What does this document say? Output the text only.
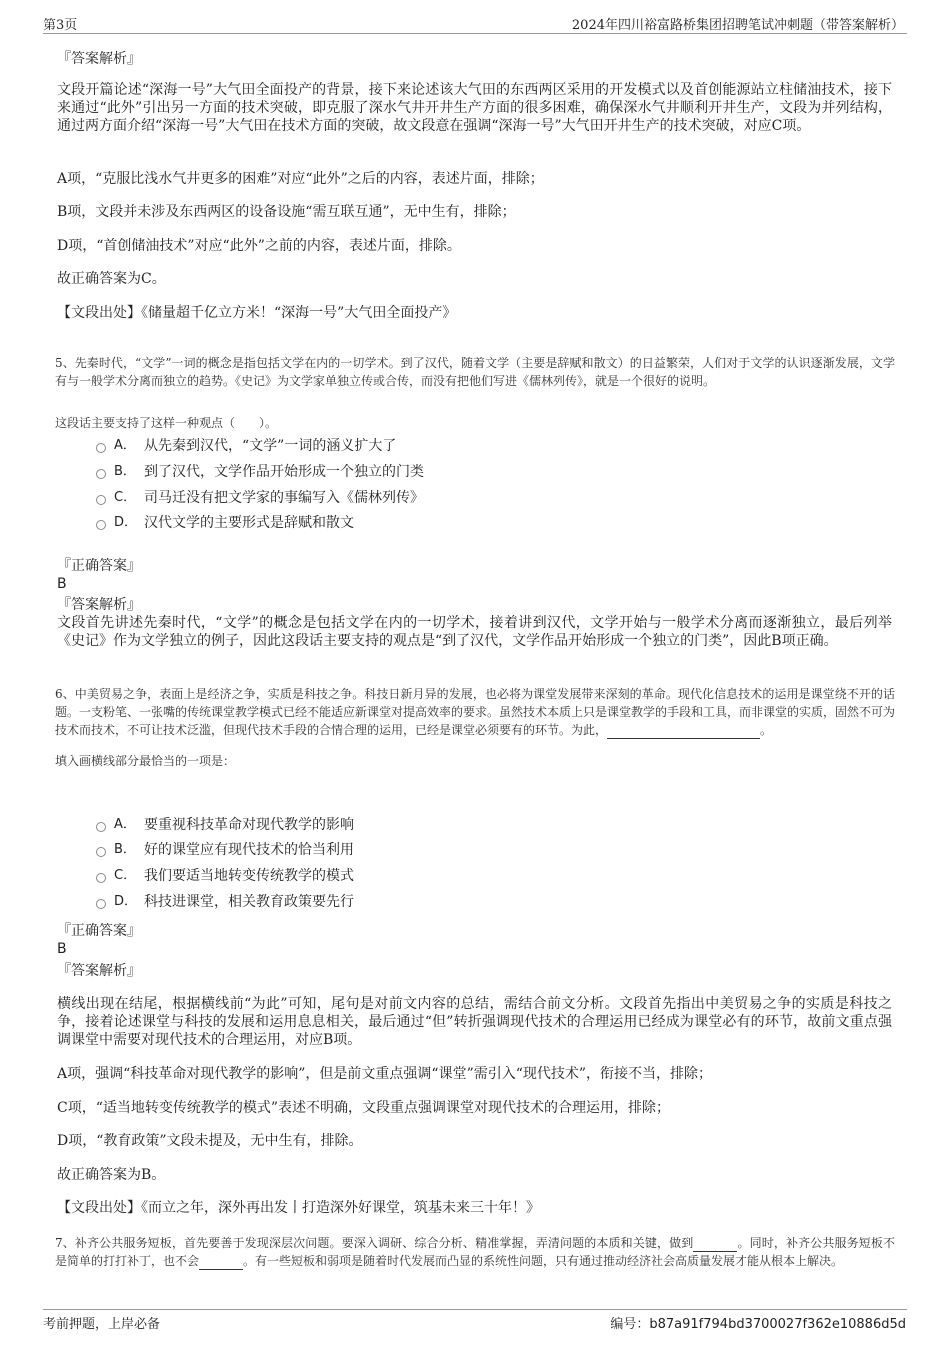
第3页	2024年四川裕富路桥集团招聘笔试冲刺题（带答案解析）
『答案解析』

文段开篇论述“深海一号”大气田全面投产的背景，接下来论述该大气田的东西两区采用的开发模式以及首创能源站立柱储油技术，接下来通过“此外”引出另一方面的技术突破，即克服了深水气井开井生产方面的很多困难，确保深水气井顺利开井生产，文段为并列结构，通过两方面介绍“深海一号”大气田在技术方面的突破，故文段意在强调“深海一号”大气田开井生产的技术突破，对应C项。

A项，“克服比浅水气井更多的困难”对应“此外”之后的内容，表述片面，排除；
B项，文段并未涉及东西两区的设备设施“需互联互通”，无中生有，排除；
D项，“首创储油技术”对应“此外”之前的内容，表述片面，排除。
故正确答案为C。
【文段出处】《储量超千亿立方米！“深海一号”大气田全面投产》

5、先秦时代，“文学”一词的概念是指包括文学在内的一切学术。到了汉代，随着文学（主要是辞赋和散文）的日益繁荣，人们对于文学的认识逐渐发展，文学有与一般学术分离而独立的趋势。《史记》为文学家单独立传或合传，而没有把他们写进《儒林列传》，就是一个很好的说明。

这段话主要支持了这样一种观点（　　）。
A． 从先秦到汉代，“文学”一词的涵义扩大了
B． 到了汉代，文学作品开始形成一个独立的门类
C． 司马迁没有把文学家的事编写入《儒林列传》
D． 汉代文学的主要形式是辞赋和散文
『正确答案』
B
『答案解析』

文段首先讲述先秦时代，“文学”的概念是包括文学在内的一切学术，接着讲到汉代，文学开始与一般学术分离而逐渐独立，最后列举《史记》作为文学独立的例子，因此这段话主要支持的观点是“到了汉代，文学作品开始形成一个独立的门类”，因此B项正确。

6、中美贸易之争，表面上是经济之争，实质是科技之争。科技日新月异的发展，也必将为课堂发展带来深刻的革命。现代化信息技术的运用是课堂绕不开的话题。一支粉笔、一张嘴的传统课堂教学模式已经不能适应新课堂对提高效率的要求。虽然技术本质上只是课堂教学的手段和工具，而非课堂的实质，固然不可为技术而技术，不可让技术泛滥，但现代技术手段的合情合理的运用，已经是课堂必须要有的环节。为此，	。

填入画横线部分最恰当的一项是：
A． 要重视科技革命对现代教学的影响
B． 好的课堂应有现代技术的恰当利用
C． 我们要适当地转变传统教学的模式
D． 科技进课堂，相关教育政策要先行
『正确答案』
B
『答案解析』

横线出现在结尾，根据横线前“为此”可知，尾句是对前文内容的总结，需结合前文分析。文段首先指出中美贸易之争的实质是科技之争，接着论述课堂与科技的发展和运用息息相关，最后通过“但”转折强调现代技术的合理运用已经成为课堂必有的环节，故前文重点强调课堂中需要对现代技术的合理运用，对应B项。

A项，强调“科技革命对现代教学的影响”，但是前文重点强调“课堂”需引入“现代技术”，衔接不当，排除；
C项，“适当地转变传统教学的模式”表述不明确，文段重点强调课堂对现代技术的合理运用，排除；
D项，“教育政策”文段未提及，无中生有，排除。
故正确答案为B。
【文段出处】《而立之年，深外再出发丨打造深外好课堂，筑基未来三十年！》

7、补齐公共服务短板，首先要善于发现深层次问题。要深入调研、综合分析、精准掌握，弄清问题的本质和关键，做到	。同时，补齐公共服务短板不是简单的打打补丁，也不会	。有一些短板和弱项是随着时代发展而凸显的系统性问题，只有通过推动经济社会高质量发展才能从根本上解决。

考前押题，上岸必备	编号：b87a91f794bd3700027f362e10886d5d
